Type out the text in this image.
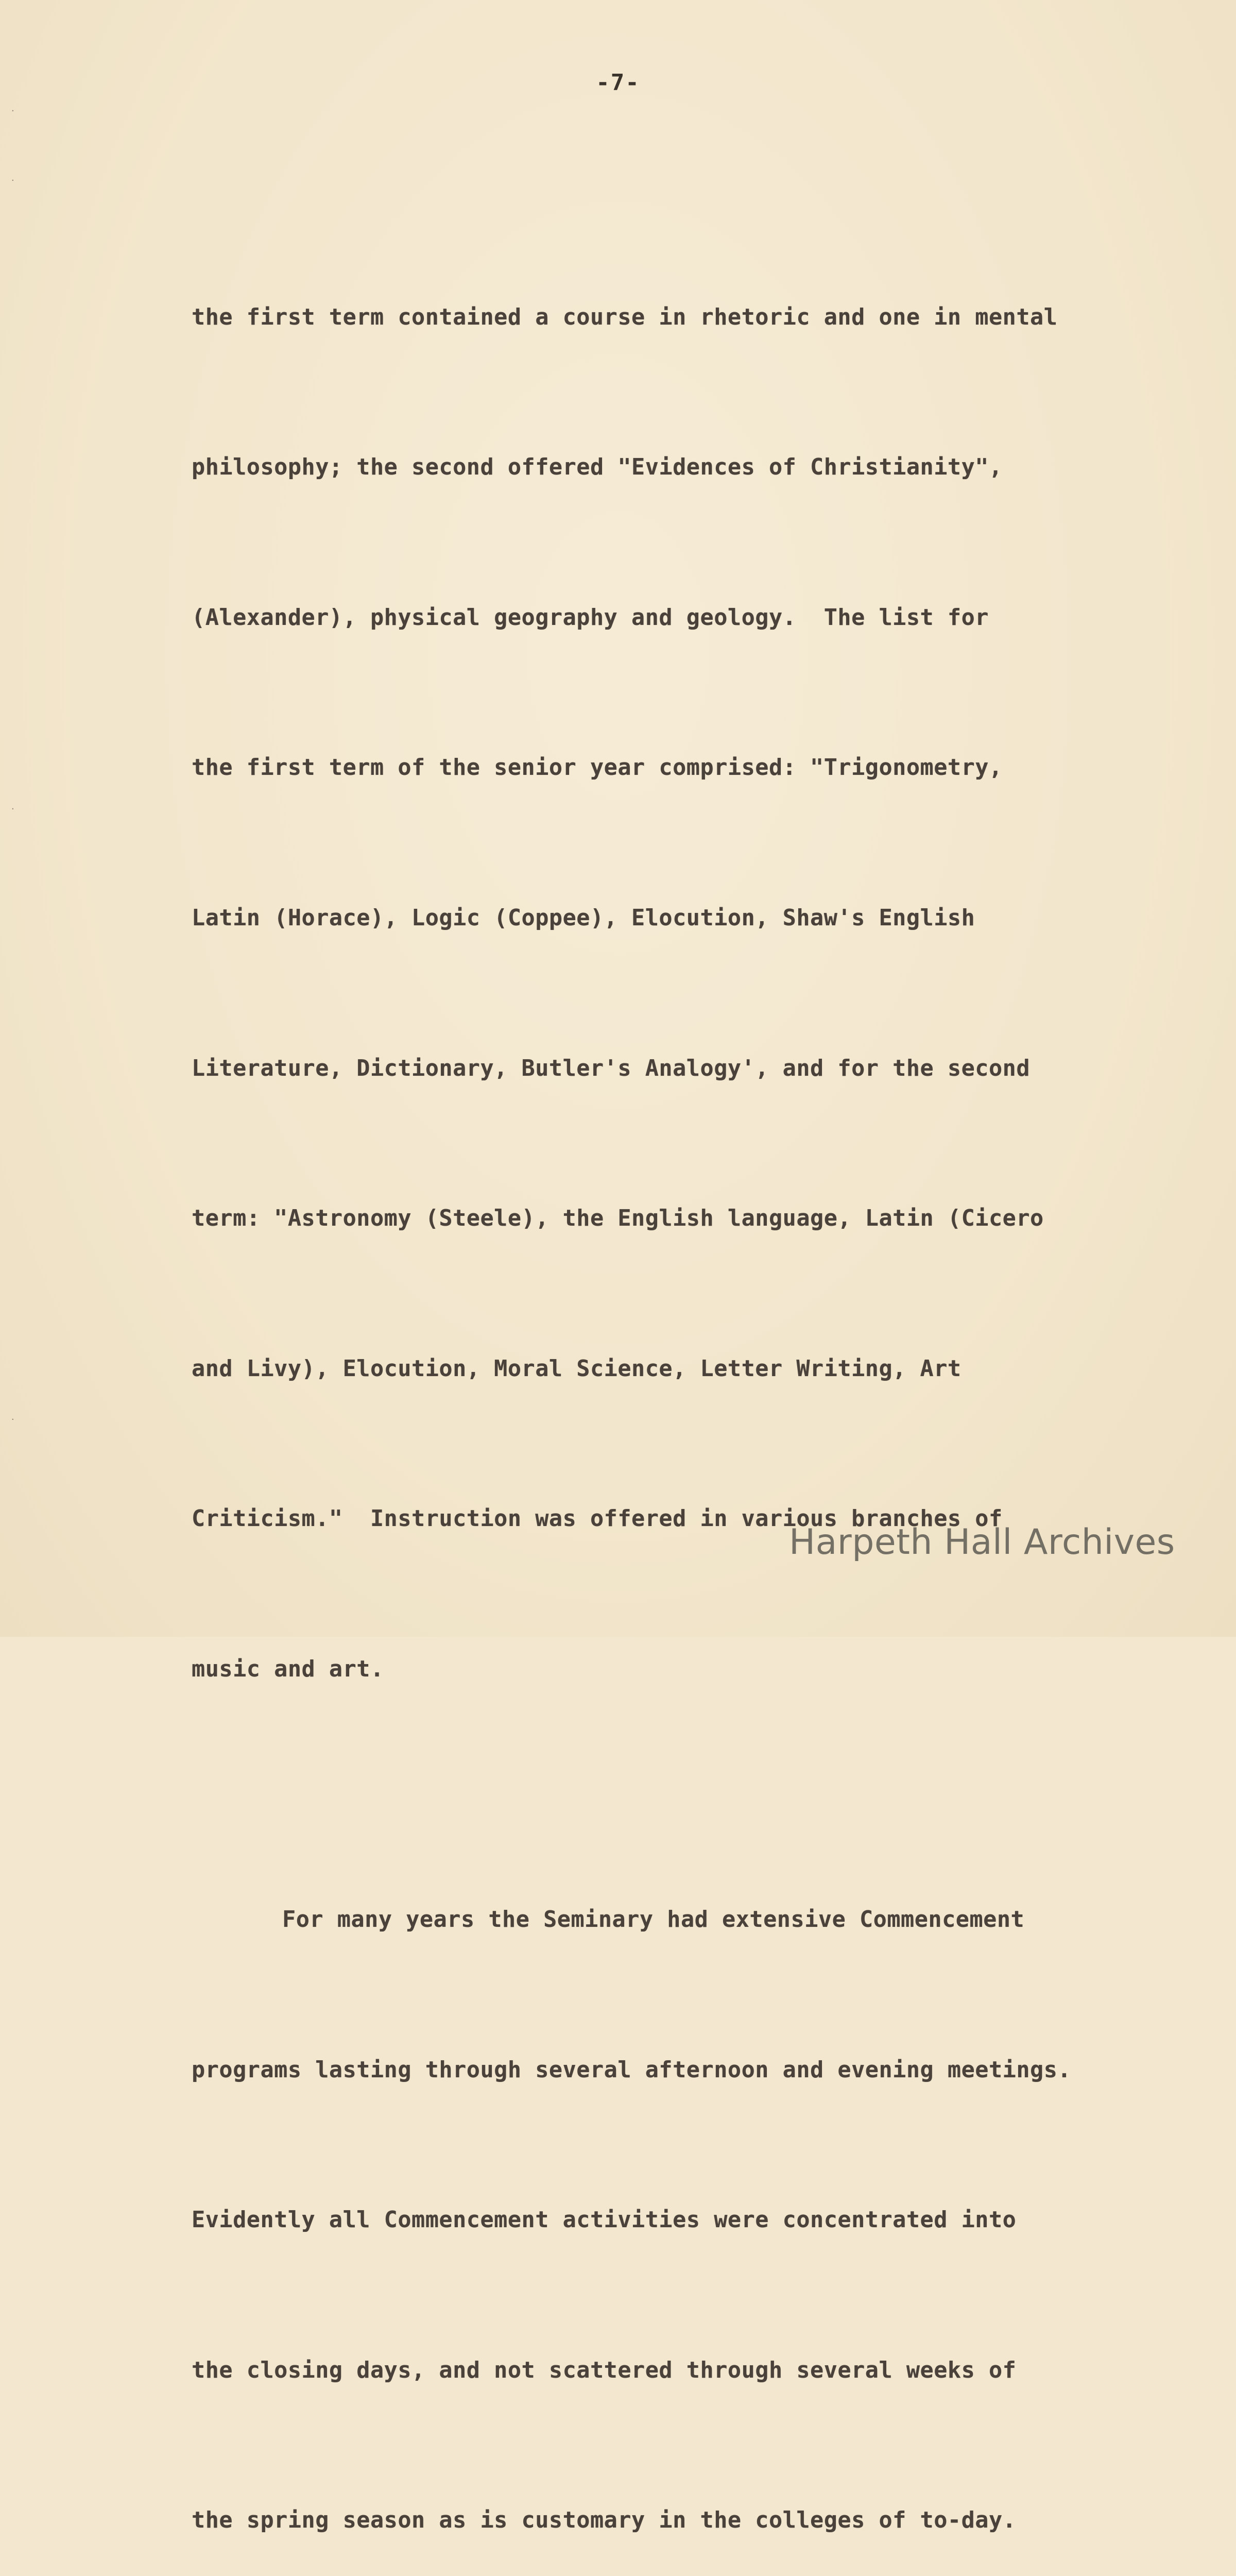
·
·
·
·
-7-

the first term contained a course in rhetoric and one in mental

philosophy; the second offered "Evidences of Christianity",

(Alexander), physical geography and geology.  The list for

the first term of the senior year comprised: "Trigonometry,

Latin (Horace), Logic (Coppee), Elocution, Shaw's English

Literature, Dictionary, Butler's Analogy', and for the second

term: "Astronomy (Steele), the English language, Latin (Cicero

and Livy), Elocution, Moral Science, Letter Writing, Art

Criticism."  Instruction was offered in various branches of

music and art.

For many years the Seminary had extensive Commencement

programs lasting through several afternoon and evening meetings.

Evidently all Commencement activities were concentrated into

the closing days, and not scattered through several weeks of

the spring season as is customary in the colleges of to-day.

Harpeth Hall Archives
